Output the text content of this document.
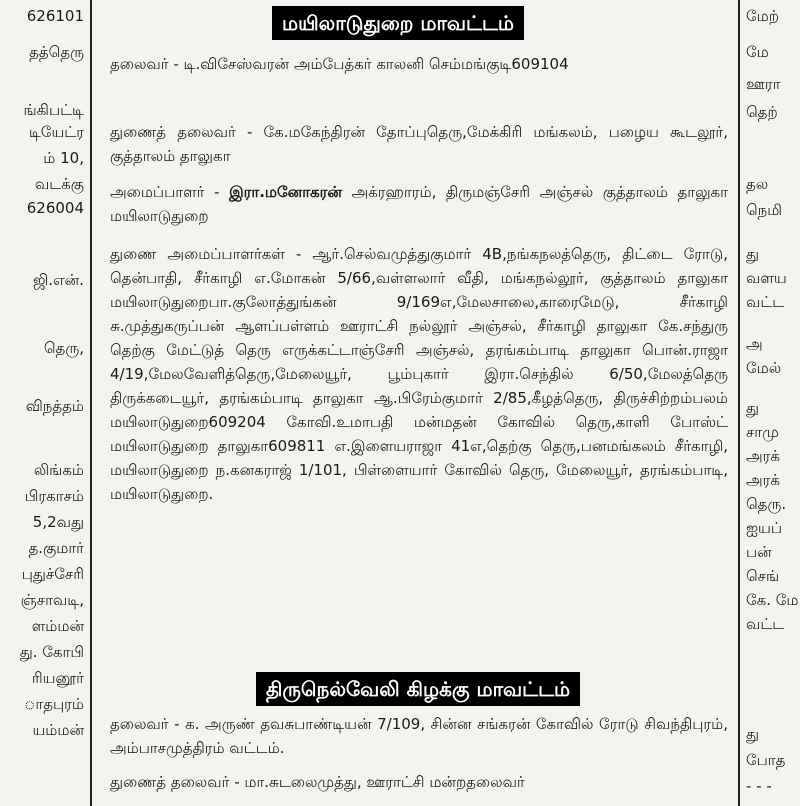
626101
தத்தெரு
ங்கிபட்டி
டியேட்ர
ம் 10,
வடக்கு
626004
ஜி.என்.
தெரு,
விநத்தம்
லிங்கம்
பிரகாசம்
5,2வது
த.குமார்
புதுச்சேரி
ஞ்சாவடி,
ளம்மன்
து. கோபி
ரியனூர்
ாதபுரம்
யம்மன்
மயிலாடுதுறை மாவட்டம்
தலைவர் - டி.விசேஸ்வரன் அம்பேத்கர் காலனி செம்மங்குடி609104
துணைத் தலைவர் - கே.மகேந்திரன் தோப்புதெரு,மேக்கிரி மங்கலம், பழைய கூடலூர், குத்தாலம் தாலுகா
அமைப்பாளர் - இரா.மனோகரன் அக்ரஹாரம், திருமஞ்சேரி அஞ்சல் குத்தாலம் தாலுகா மயிலாடுதுறை
துணை அமைப்பாளர்கள் - ஆர்.செல்வமுத்துகுமார் 4B,நங்கநலத்தெரு, திட்டை ரோடு, தென்பாதி, சீர்காழி எ.மோகன் 5/66,வள்ளலார் வீதி, மங்கநல்லூர், குத்தாலம் தாலுகா மயிலாடுதுறைபா.குலோத்துங்கன் 9/169எ,மேலசாலை,காரைமேடு, சீர்காழி சு.முத்துகருப்பன் ஆளப்பள்ளம் ஊராட்சி நல்லூர் அஞ்சல், சீர்காழி தாலுகா கே.சந்துரு தெற்கு மேட்டுத் தெரு எருக்கட்டாஞ்சேரி அஞ்சல், தரங்கம்பாடி தாலுகா பொன்.ராஜா 4/19,மேலவேளித்தெரு,மேலையூர், பூம்புகார் இரா.செந்தில் 6/50,மேலத்தெரு திருக்கடையூர், தரங்கம்பாடி தாலுகா ஆ.பிரேம்குமார் 2/85,கீழத்தெரு, திருச்சிற்றம்பலம் மயிலாடுதுறை609204 கோவி.உமாபதி மன்மதன் கோவில் தெரு,காளி போஸ்ட் மயிலாடுதுறை தாலுகா609811 எ.இளையராஜா 41எ,தெற்கு தெரு,பனமங்கலம் சீர்காழி, மயிலாடுதுறை ந.கனகராஜ் 1/101, பிள்ளையார் கோவில் தெரு, மேலையூர், தரங்கம்பாடி, மயிலாடுதுறை.
திருநெல்வேலி கிழக்கு மாவட்டம்
தலைவர் - க. அருண் தவசுபாண்டியன் 7/109, சின்ன சங்கரன் கோவில் ரோடு சிவந்திபுரம், அம்பாசமுத்திரம் வட்டம்.
துணைத் தலைவர் - மா.சுடலைமுத்து, ஊராட்சி மன்றதலைவர்
மேற்
மே
ஊரா
தெற்
தல
நெமி
து
வளய
வட்ட
அ
மேல்
து
சாமு
அரக்
அரக்
தெரு.
ஐயப்
பன்
செங்
கே. மே
வட்ட
து
போத
- - -
